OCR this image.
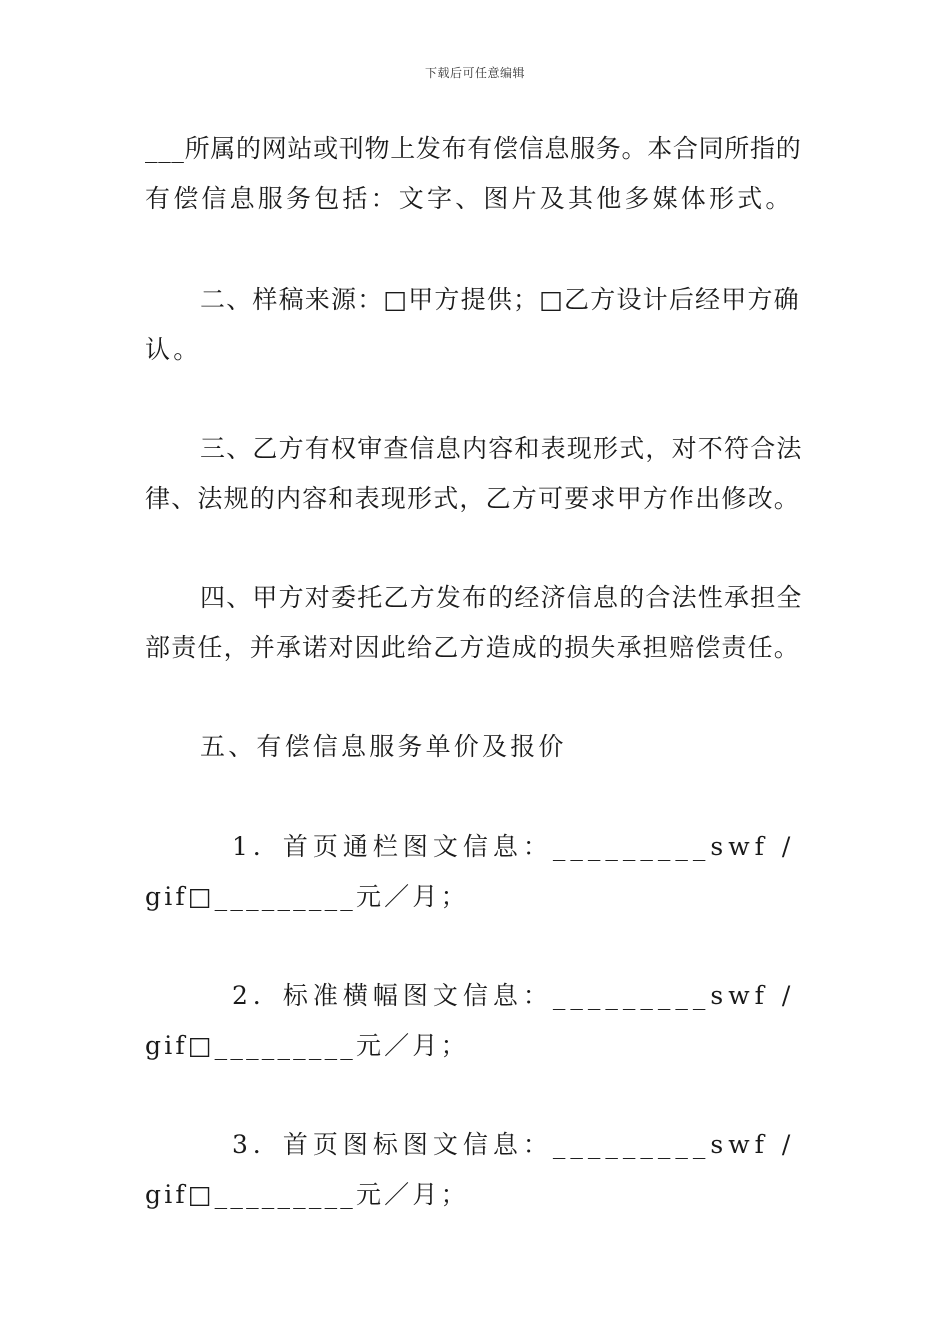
下载后可任意编辑
___所属的网站或刊物上发布有偿信息服务。本合同所指的
有偿信息服务包括：文字、图片及其他多媒体形式。
二、样稿来源：□甲方提供；□乙方设计后经甲方确
认。
三、乙方有权审查信息内容和表现形式，对不符合法
律、法规的内容和表现形式，乙方可要求甲方作出修改。
四、甲方对委托乙方发布的经济信息的合法性承担全
部责任，并承诺对因此给乙方造成的损失承担赔偿责任。
五、有偿信息服务单价及报价
1．首页通栏图文信息：_________swf /
gif□_________元／月；
2．标准横幅图文信息：_________swf /
gif□_________元／月；
3．首页图标图文信息：_________swf /
gif□_________元／月；
